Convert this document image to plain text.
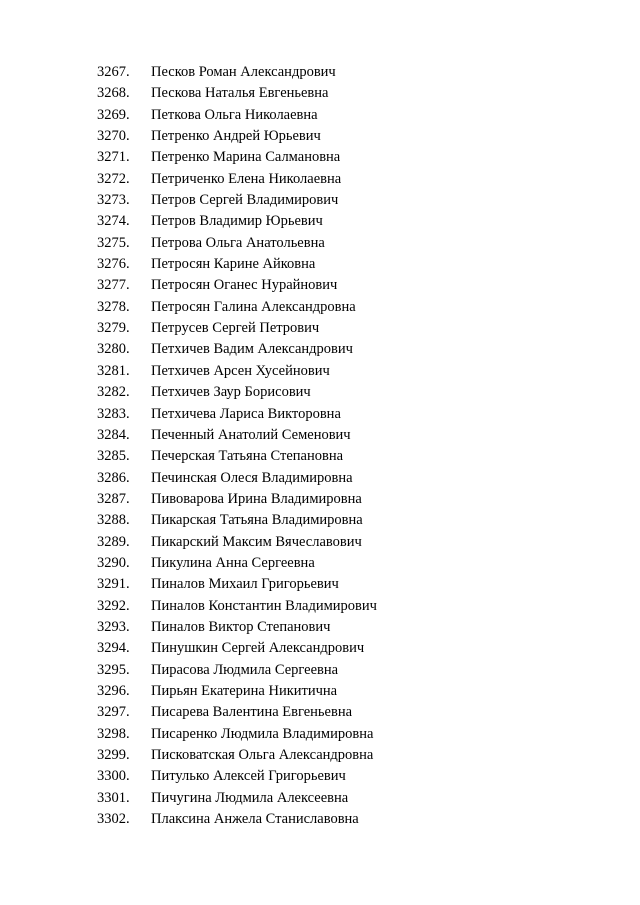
3267.	Песков Роман Александрович
3268.	Пескова Наталья Евгеньевна
3269.	Петкова Ольга Николаевна
3270.	Петренко Андрей Юрьевич
3271.	Петренко Марина Салмановна
3272.	Петриченко Елена Николаевна
3273.	Петров Сергей Владимирович
3274.	Петров Владимир Юрьевич
3275.	Петрова Ольга Анатольевна
3276.	Петросян Карине Айковна
3277.	Петросян Оганес Нурайнович
3278.	Петросян Галина Александровна
3279.	Петрусев Сергей Петрович
3280.	Петхичев Вадим Александрович
3281.	Петхичев Арсен Хусейнович
3282.	Петхичев Заур Борисович
3283.	Петхичева Лариса Викторовна
3284.	Печенный Анатолий Семенович
3285.	Печерская Татьяна Степановна
3286.	Печинская Олеся Владимировна
3287.	Пивоварова Ирина Владимировна
3288.	Пикарская Татьяна Владимировна
3289.	Пикарский Максим Вячеславович
3290.	Пикулина Анна Сергеевна
3291.	Пиналов Михаил Григорьевич
3292.	Пиналов Константин Владимирович
3293.	Пиналов Виктор Степанович
3294.	Пинушкин Сергей Александрович
3295.	Пирасова Людмила Сергеевна
3296.	Пирьян Екатерина Никитична
3297.	Писарева Валентина Евгеньевна
3298.	Писаренко Людмила Владимировна
3299.	Писковатская Ольга Александровна
3300.	Питулько Алексей Григорьевич
3301.	Пичугина Людмила Алексеевна
3302.	Плаксина Анжела Станиславовна
